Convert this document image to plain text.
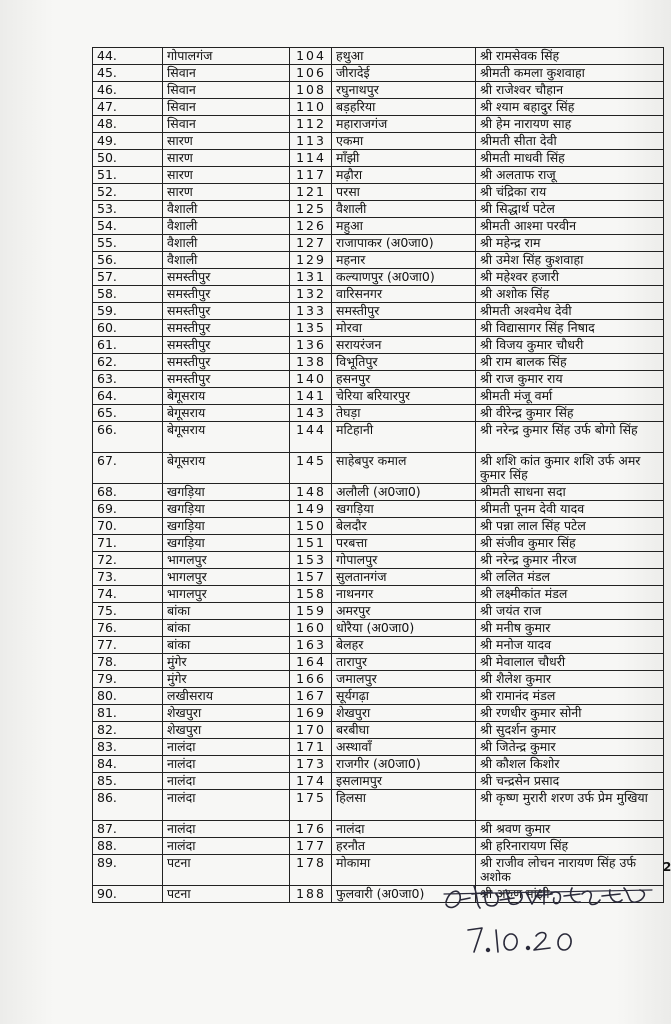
44.	गोपालगंज	104	हथुआ	श्री रामसेवक सिंह
45.	सिवान	106	जीरादेई	श्रीमती कमला कुशवाहा
46.	सिवान	108	रघुनाथपुर	श्री राजेश्वर चौहान
47.	सिवान	110	बड़हरिया	श्री श्याम बहादुर सिंह
48.	सिवान	112	महाराजगंज	श्री हेम नारायण साह
49.	सारण	113	एकमा	श्रीमती सीता देवी
50.	सारण	114	माँझी	श्रीमती माधवी सिंह
51.	सारण	117	मढ़ौरा	श्री अलताफ राजू
52.	सारण	121	परसा	श्री चंद्रिका राय
53.	वैशाली	125	वैशाली	श्री सिद्धार्थ पटेल
54.	वैशाली	126	महुआ	श्रीमती आश्मा परवीन
55.	वैशाली	127	राजापाकर (अ0जा0)	श्री महेन्द्र राम
56.	वैशाली	129	महनार	श्री उमेश सिंह कुशवाहा
57.	समस्तीपुर	131	कल्याणपुर (अ0जा0)	श्री महेश्वर हजारी
58.	समस्तीपुर	132	वारिसनगर	श्री अशोक सिंह
59.	समस्तीपुर	133	समस्तीपुर	श्रीमती अश्वमेध देवी
60.	समस्तीपुर	135	मोरवा	श्री विद्यासागर सिंह निषाद
61.	समस्तीपुर	136	सरायरंजन	श्री विजय कुमार चौधरी
62.	समस्तीपुर	138	विभूतिपुर	श्री राम बालक सिंह
63.	समस्तीपुर	140	हसनपुर	श्री राज कुमार राय
64.	बेगूसराय	141	चेरिया बरियारपुर	श्रीमती मंजू वर्मा
65.	बेगूसराय	143	तेघड़ा	श्री वीरेन्द्र कुमार सिंह
66.	बेगूसराय	144	मटिहानी	श्री नरेन्द्र कुमार सिंह उर्फ बोगो सिंह
67.	बेगूसराय	145	साहेबपुर कमाल	श्री शशि कांत कुमार शशि उर्फ अमर कुमार सिंह
68.	खगड़िया	148	अलौली (अ0जा0)	श्रीमती साधना सदा
69.	खगड़िया	149	खगड़िया	श्रीमती पूनम देवी यादव
70.	खगड़िया	150	बेलदौर	श्री पन्ना लाल सिंह पटेल
71.	खगड़िया	151	परबत्ता	श्री संजीव कुमार सिंह
72.	भागलपुर	153	गोपालपुर	श्री नरेन्द्र कुमार नीरज
73.	भागलपुर	157	सुलतानगंज	श्री ललित मंडल
74.	भागलपुर	158	नाथनगर	श्री लक्ष्मीकांत मंडल
75.	बांका	159	अमरपुर	श्री जयंत राज
76.	बांका	160	धोरैया (अ0जा0)	श्री मनीष कुमार
77.	बांका	163	बेलहर	श्री मनोज यादव
78.	मुंगेर	164	तारापुर	श्री मेवालाल चौधरी
79.	मुंगेर	166	जमालपुर	श्री शैलेश कुमार
80.	लखीसराय	167	सूर्यगढ़ा	श्री रामानंद मंडल
81.	शेखपुरा	169	शेखपुरा	श्री रणधीर कुमार सोनी
82.	शेखपुरा	170	बरबीघा	श्री सुदर्शन कुमार
83.	नालंदा	171	अस्थावाँ	श्री जितेन्द्र कुमार
84.	नालंदा	173	राजगीर (अ0जा0)	श्री कौशल किशोर
85.	नालंदा	174	इसलामपुर	श्री चन्द्रसेन प्रसाद
86.	नालंदा	175	हिलसा	श्री कृष्ण मुरारी शरण उर्फ प्रेम मुखिया
87.	नालंदा	176	नालंदा	श्री श्रवण कुमार
88.	नालंदा	177	हरनौत	श्री हरिनारायण सिंह
89.	पटना	178	मोकामा	श्री राजीव लोचन नारायण सिंह उर्फ अशोक
90.	पटना	188	फुलवारी (अ0जा0)	श्री अरुण मांझी
2
